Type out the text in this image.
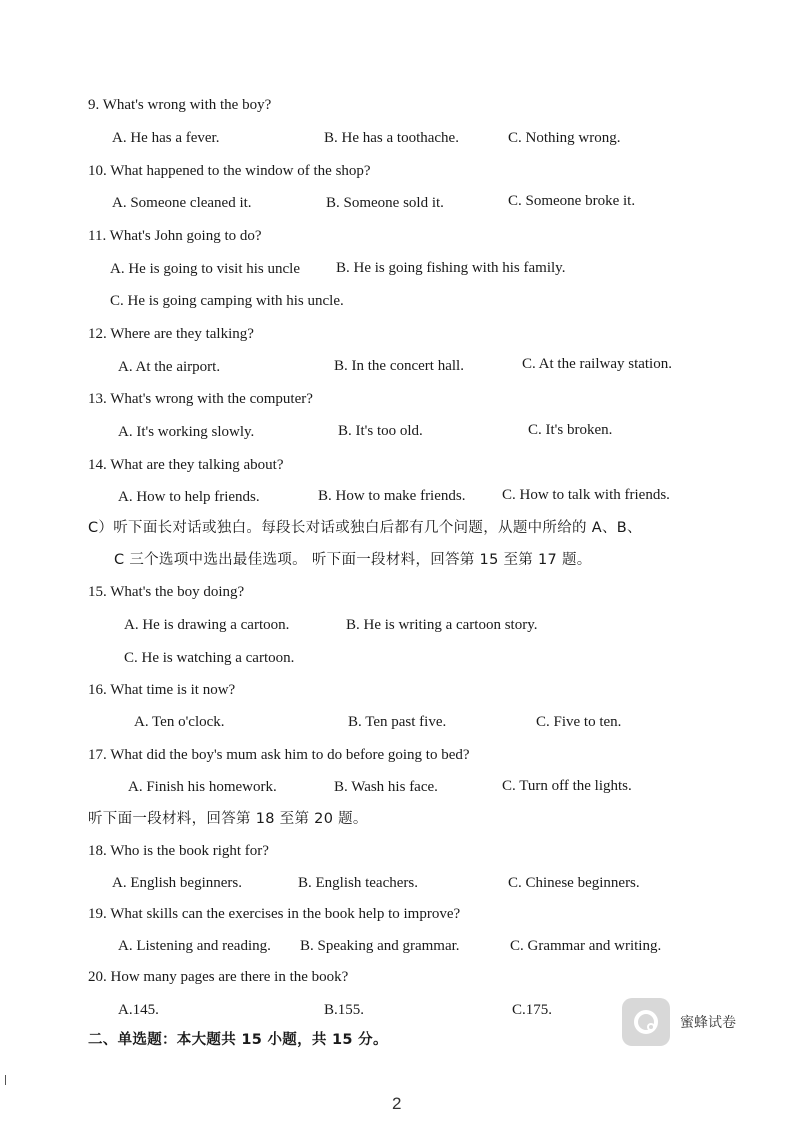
9. What's wrong with the boy?
A. He has a fever.	B. He has a toothache.	C. Nothing wrong.
10. What happened to the window of the shop?
A. Someone cleaned it.	B. Someone sold it.	C. Someone broke it.
11. What's John going to do?
A. He is going to visit his uncle B. He is going fishing with his family.
C. He is going camping with his uncle.
12. Where are they talking?
A. At the airport.	B. In the concert hall.	C. At the railway station.
13. What's wrong with the computer?
A. It's working slowly.	B. It's too old.	C. It's broken.
14. What are they talking about?
A. How to help friends.	B. How to make friends. C. How to talk with friends.
C）听下面长对话或独白。每段长对话或独白后都有几个问题，从题中所给的 A、B、
C 三个选项中选出最佳选项。 听下面一段材料，回答第 15 至第 17 题。
15. What's the boy doing?
A. He is drawing a cartoon.	B. He is writing a cartoon story.
C. He is watching a cartoon.
16. What time is it now?
A. Ten o'clock.	B. Ten past five.	C. Five to ten.
17. What did the boy's mum ask him to do before going to bed?
A. Finish his homework.	B. Wash his face.	C. Turn off the lights.
听下面一段材料，回答第 18 至第 20 题。
18. Who is the book right for?
A. English beginners.	B. English teachers.	C. Chinese beginners.
19. What skills can the exercises in the book help to improve?
A. Listening and reading. B. Speaking and grammar.	C. Grammar and writing.
20. How many pages are there in the book?
A.145.	B.155.	C.175.
二、单选题：本大题共 15 小题，共 15 分。
蜜蜂试卷
2
